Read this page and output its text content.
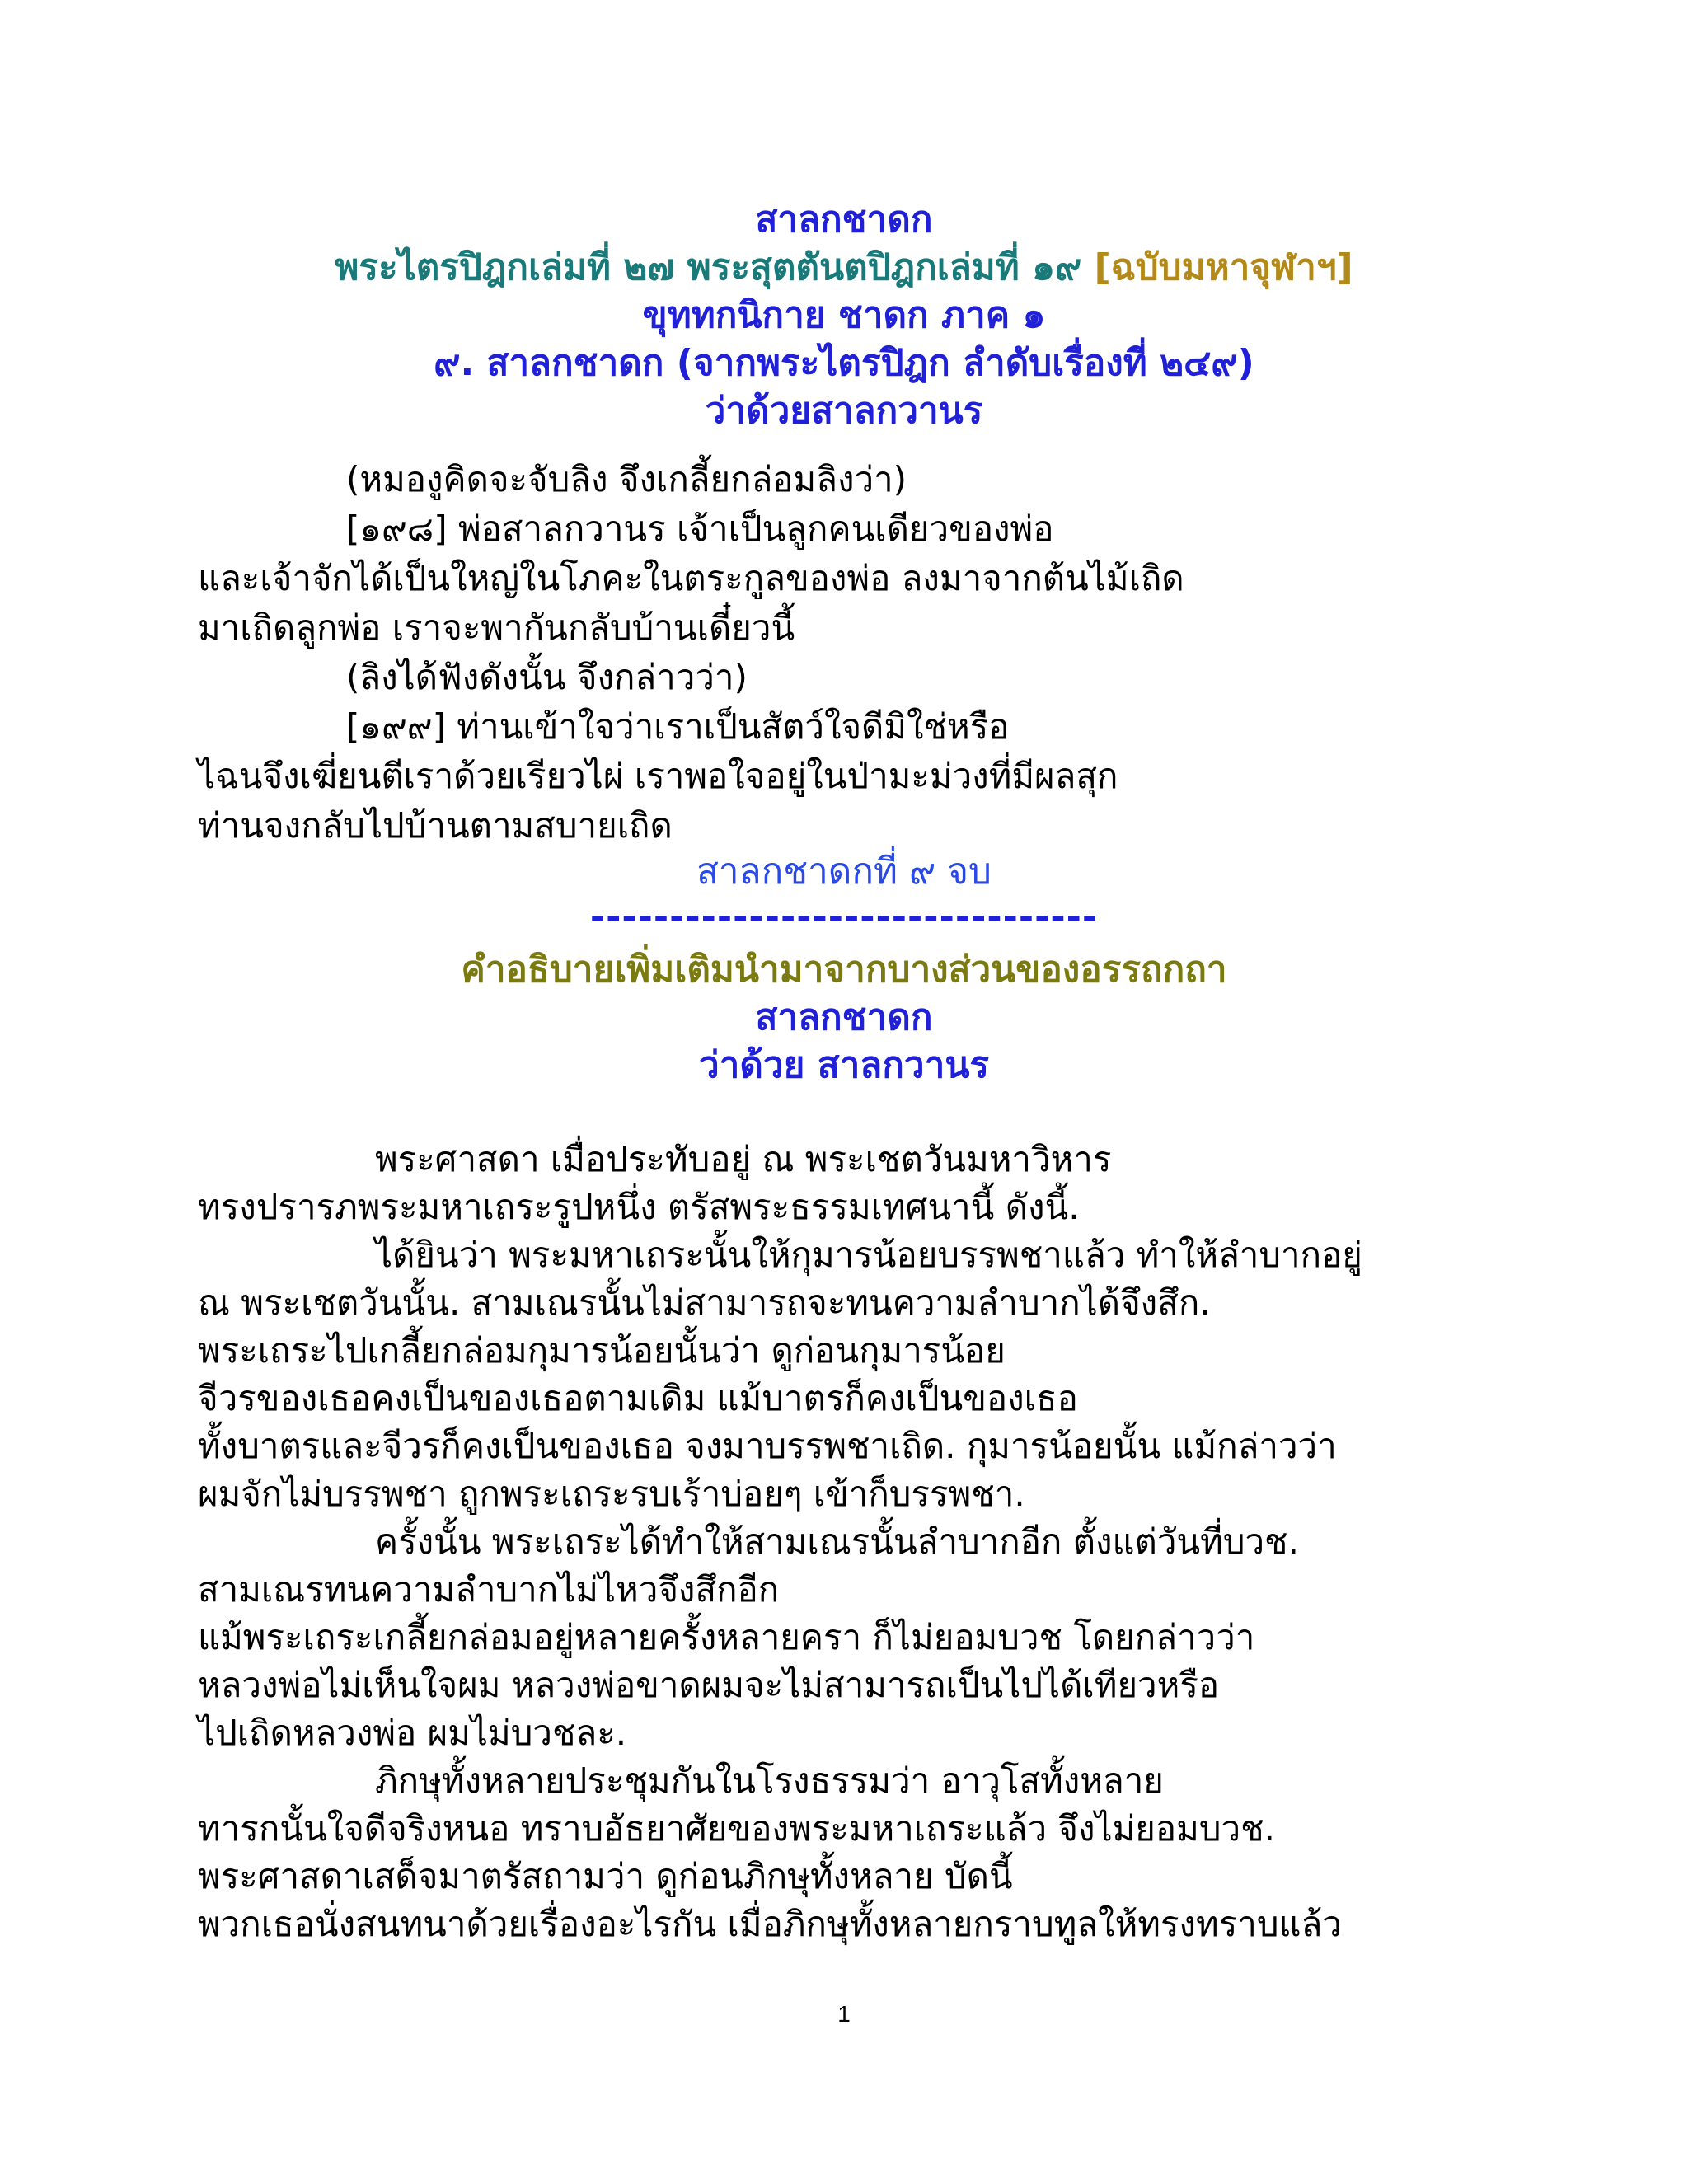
สาลกชาดก

พระไตรปิฎกเล่มที่ ๒๗ พระสุตตันตปิฎกเล่มที่ ๑๙ [ฉบับมหาจุฬาฯ]

ขุททกนิกาย ชาดก ภาค ๑

๙. สาลกชาดก (จากพระไตรปิฎก ลำดับเรื่องที่ ๒๔๙)

ว่าด้วยสาลกวานร

(หมองูคิดจะจับลิง จึงเกลี้ยกล่อมลิงว่า)

[๑๙๘] พ่อสาลกวานร เจ้าเป็นลูกคนเดียวของพ่อ

และเจ้าจักได้เป็นใหญ่ในโภคะในตระกูลของพ่อ ลงมาจากต้นไม้เถิด

มาเถิดลูกพ่อ เราจะพากันกลับบ้านเดี๋ยวนี้

(ลิงได้ฟังดังนั้น จึงกล่าวว่า)

[๑๙๙] ท่านเข้าใจว่าเราเป็นสัตว์ใจดีมิใช่หรือ

ไฉนจึงเฆี่ยนตีเราด้วยเรียวไผ่ เราพอใจอยู่ในป่ามะม่วงที่มีผลสุก

ท่านจงกลับไปบ้านตามสบายเถิด

สาลกชาดกที่ ๙ จบ

--------------------------------

คำอธิบายเพิ่มเติมนำมาจากบางส่วนของอรรถกถา

สาลกชาดก

ว่าด้วย สาลกวานร

พระศาสดา เมื่อประทับอยู่ ณ พระเชตวันมหาวิหาร

ทรงปรารภพระมหาเถระรูปหนึ่ง ตรัสพระธรรมเทศนานี้ ดังนี้.

ได้ยินว่า พระมหาเถระนั้นให้กุมารน้อยบรรพชาแล้ว ทำให้ลำบากอยู่

ณ พระเชตวันนั้น. สามเณรนั้นไม่สามารถจะทนความลำบากได้จึงสึก.

พระเถระไปเกลี้ยกล่อมกุมารน้อยนั้นว่า ดูก่อนกุมารน้อย

จีวรของเธอคงเป็นของเธอตามเดิม แม้บาตรก็คงเป็นของเธอ

ทั้งบาตรและจีวรก็คงเป็นของเธอ จงมาบรรพชาเถิด. กุมารน้อยนั้น แม้กล่าวว่า

ผมจักไม่บรรพชา ถูกพระเถระรบเร้าบ่อยๆ เข้าก็บรรพชา.

ครั้งนั้น พระเถระได้ทำให้สามเณรนั้นลำบากอีก ตั้งแต่วันที่บวช.

สามเณรทนความลำบากไม่ไหวจึงสึกอีก

แม้พระเถระเกลี้ยกล่อมอยู่หลายครั้งหลายครา ก็ไม่ยอมบวช โดยกล่าวว่า

หลวงพ่อไม่เห็นใจผม หลวงพ่อขาดผมจะไม่สามารถเป็นไปได้เทียวหรือ

ไปเถิดหลวงพ่อ ผมไม่บวชละ.

ภิกษุทั้งหลายประชุมกันในโรงธรรมว่า อาวุโสทั้งหลาย

ทารกนั้นใจดีจริงหนอ ทราบอัธยาศัยของพระมหาเถระแล้ว จึงไม่ยอมบวช.

พระศาสดาเสด็จมาตรัสถามว่า ดูก่อนภิกษุทั้งหลาย บัดนี้

พวกเธอนั่งสนทนาด้วยเรื่องอะไรกัน เมื่อภิกษุทั้งหลายกราบทูลให้ทรงทราบแล้ว

1
